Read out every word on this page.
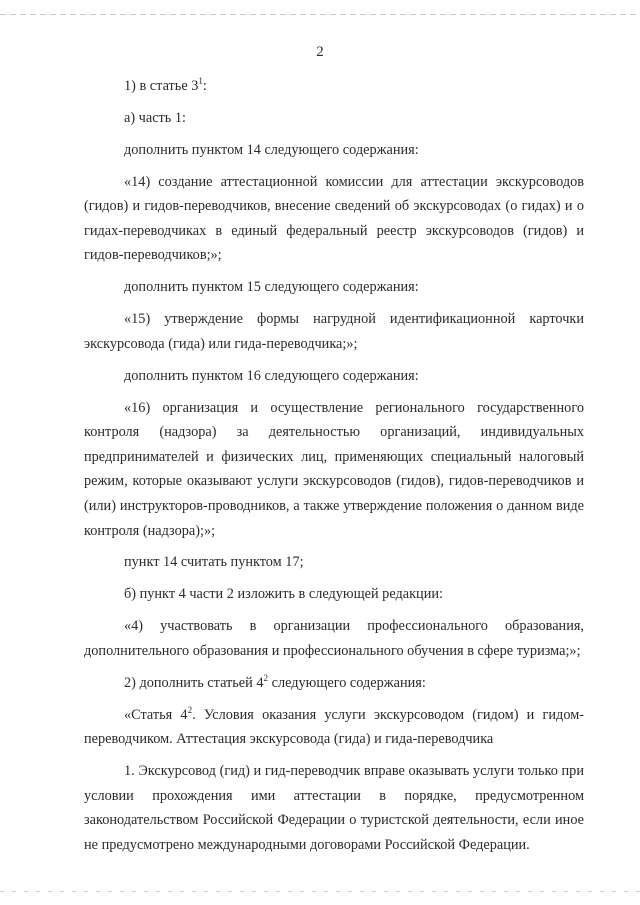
2

1) в статье $3^1$:

а) часть 1:

дополнить пунктом 14 следующего содержания:

«14) создание аттестационной комиссии для аттестации экскурсоводов (гидов) и гидов-переводчиков, внесение сведений об экскурсоводах (о гидах) и о гидах-переводчиках в единый федеральный реестр экскурсоводов (гидов) и гидов-переводчиков;»;

дополнить пунктом 15 следующего содержания:

«15) утверждение формы нагрудной идентификационной карточки экскурсовода (гида) или гида-переводчика;»;

дополнить пунктом 16 следующего содержания:

«16) организация и осуществление регионального государственного контроля (надзора) за деятельностью организаций, индивидуальных предпринимателей и физических лиц, применяющих специальный налоговый режим, которые оказывают услуги экскурсоводов (гидов), гидов-переводчиков и (или) инструкторов-проводников, а также утверждение положения о данном виде контроля (надзора);»;

пункт 14 считать пунктом 17;

б) пункт 4 части 2 изложить в следующей редакции:

«4) участвовать в организации профессионального образования, дополнительного образования и профессионального обучения в сфере туризма;»;

2) дополнить статьей $4^2$ следующего содержания:

«Статья $4^2$. Условия оказания услуги экскурсоводом (гидом) и гидом-переводчиком. Аттестация экскурсовода (гида) и гида-переводчика

1. Экскурсовод (гид) и гид-переводчик вправе оказывать услуги только при условии прохождения ими аттестации в порядке, предусмотренном законодательством Российской Федерации о туристской деятельности, если иное не предусмотрено международными договорами Российской Федерации.
